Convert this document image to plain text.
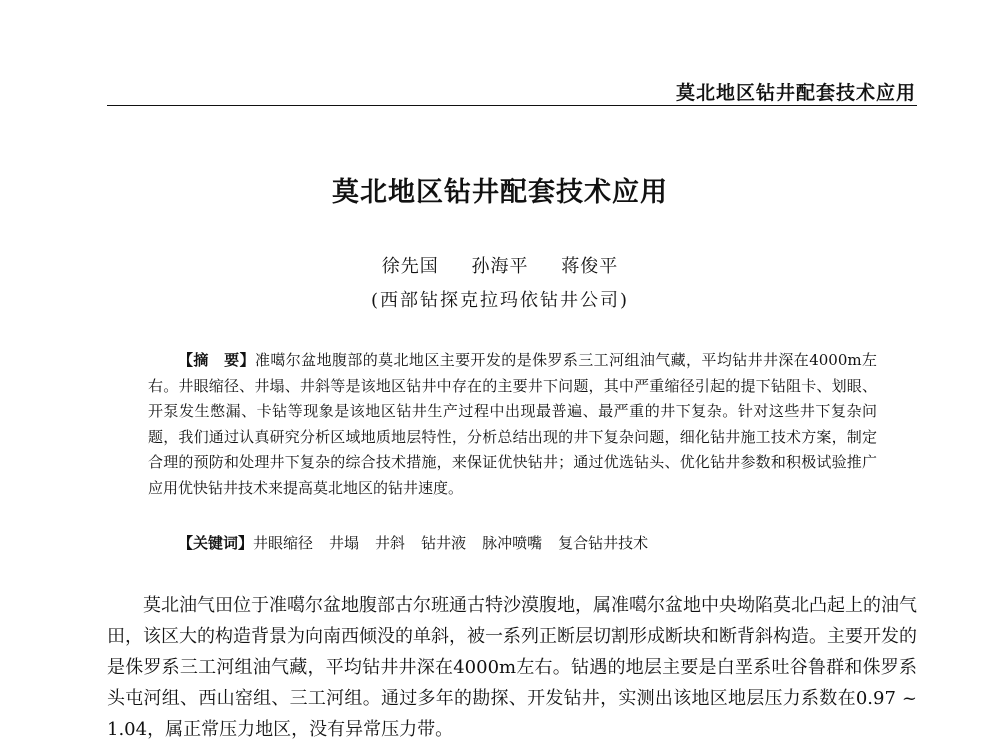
莫北地区钻井配套技术应用
莫北地区钻井配套技术应用
徐先国 孙海平 蒋俊平
(西部钻探克拉玛依钻井公司)
【摘　要】准噶尔盆地腹部的莫北地区主要开发的是侏罗系三工河组油气藏，平均钻井井深在4000m左右。井眼缩径、井塌、井斜等是该地区钻井中存在的主要井下问题，其中严重缩径引起的提下钻阻卡、划眼、开泵发生憋漏、卡钻等现象是该地区钻井生产过程中出现最普遍、最严重的井下复杂。针对这些井下复杂问题，我们通过认真研究分析区域地质地层特性，分析总结出现的井下复杂问题，细化钻井施工技术方案，制定合理的预防和处理井下复杂的综合技术措施，来保证优快钻井；通过优选钻头、优化钻井参数和积极试验推广应用优快钻井技术来提高莫北地区的钻井速度。
【关键词】井眼缩径 井塌 井斜 钻井液 脉冲喷嘴 复合钻井技术
莫北油气田位于准噶尔盆地腹部古尔班通古特沙漠腹地，属准噶尔盆地中央坳陷莫北凸起上的油气田，该区大的构造背景为向南西倾没的单斜，被一系列正断层切割形成断块和断背斜构造。主要开发的是侏罗系三工河组油气藏，平均钻井井深在4000m左右。钻遇的地层主要是白垩系吐谷鲁群和侏罗系头屯河组、西山窑组、三工河组。通过多年的勘探、开发钻井，实测出该地区地层压力系数在0.97 ~ 1.04，属正常压力地区，没有异常压力带。
